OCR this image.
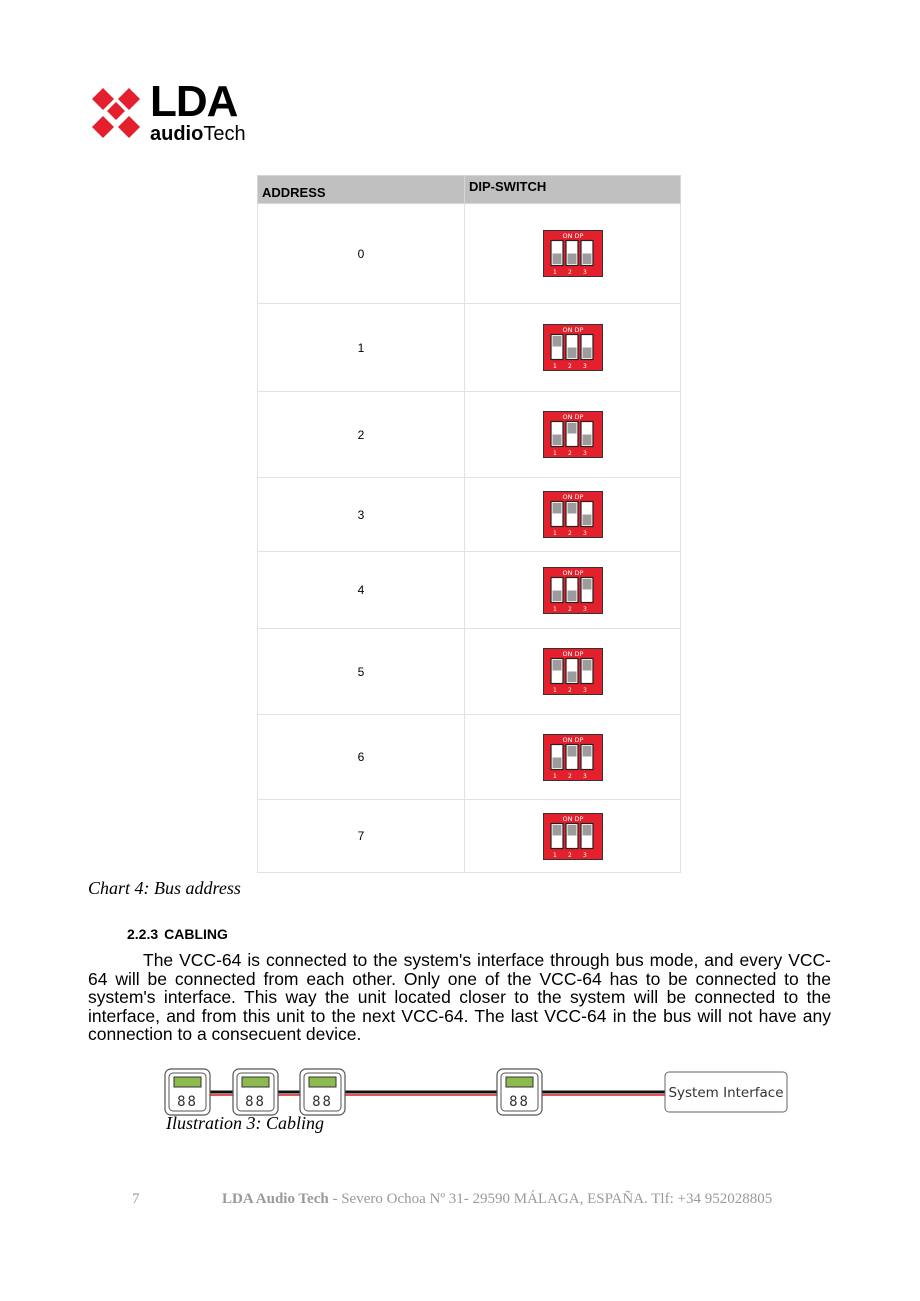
LDA
audioTech
ADDRESS	DIP-SWITCH
0	ON DP
1 2 3

1	ON DP
1 2 3

2	ON DP
1 2 3

3	ON DP
1 2 3

4	ON DP
1 2 3

5	ON DP
1 2 3

6	ON DP
1 2 3

7	ON DP
1 2 3
Chart 4: Bus address
2.2.3 CABLING

The VCC-64 is connected to the system's interface through bus mode, and every VCC-64 will be connected from each other. Only one of the VCC-64 has to be connected to the system's interface. This way the unit located closer to the system will be connected to the interface, and from this unit to the next VCC-64. The last VCC-64 in the bus will not have any connection to a consecuent device.

88	88	88	88
System Interface
Ilustration 3: Cabling
7	LDA Audio Tech - Severo Ochoa Nº 31- 29590 MÁLAGA, ESPAÑA. Tlf: +34 952028805
